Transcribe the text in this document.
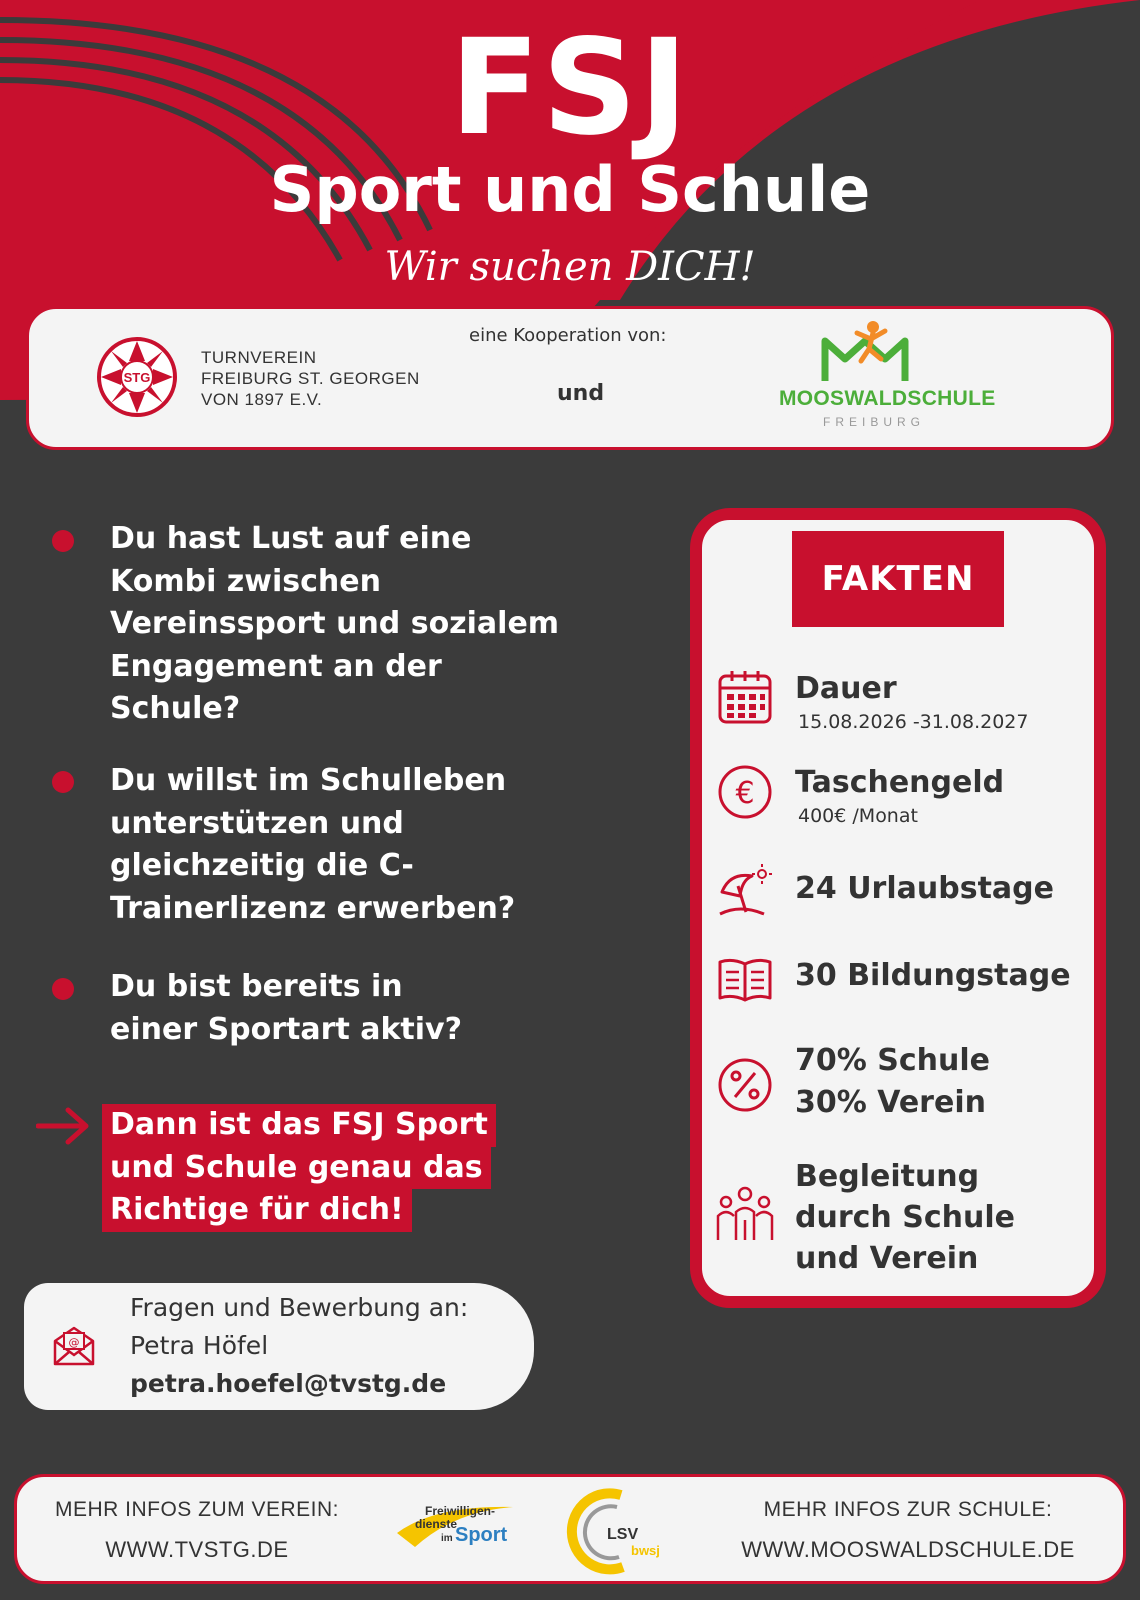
FSJ
Sport und Schule
Wir suchen DICH!
STG
TURNVEREIN
FREIBURG ST. GEORGEN
VON 1897 E.V.
eine Kooperation von:
und	MOOSWALDSCHULE
FREIBURG
Du hast Lust auf eine Kombi zwischen Vereinssport und sozialem Engagement an der Schule?
Du willst im Schulleben unterstützen und gleichzeitig die C-Trainerlizenz erwerben?
Du bist bereits in einer Sportart aktiv?
Dann ist das FSJ Sport
und Schule genau das
Richtige für dich!
@
Fragen und Bewerbung an:
Petra Höfel
petra.hoefel@tvstg.de
FAKTEN
Dauer
15.08.2026 -31.08.2027
€ Taschengeld
400€ /Monat
24 Urlaubstage
30 Bildungstage
70% Schule
30% Verein
Begleitung
durch Schule
und Verein
MEHR INFOS ZUM VEREIN:
WWW.TVSTG.DE
Freiwilligen-
dienste
im Sport	LSV
bwsj
MEHR INFOS ZUR SCHULE:
WWW.MOOSWALDSCHULE.DE
